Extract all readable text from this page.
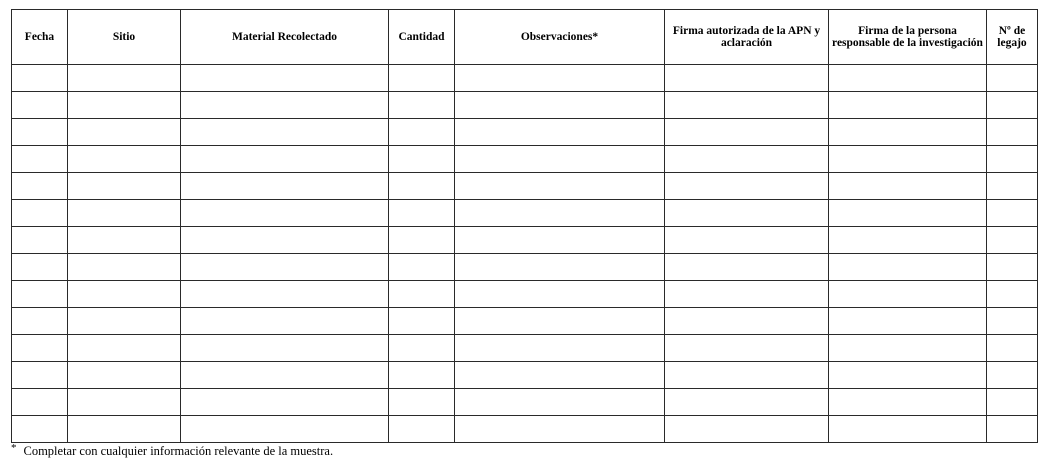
Fecha	Sitio	Material Recolectado	Cantidad	Observaciones*	Firma autorizada de la APN y aclaración	Firma de la persona responsable de la investigación	Nº de legajo

* Completar con cualquier información relevante de la muestra.
